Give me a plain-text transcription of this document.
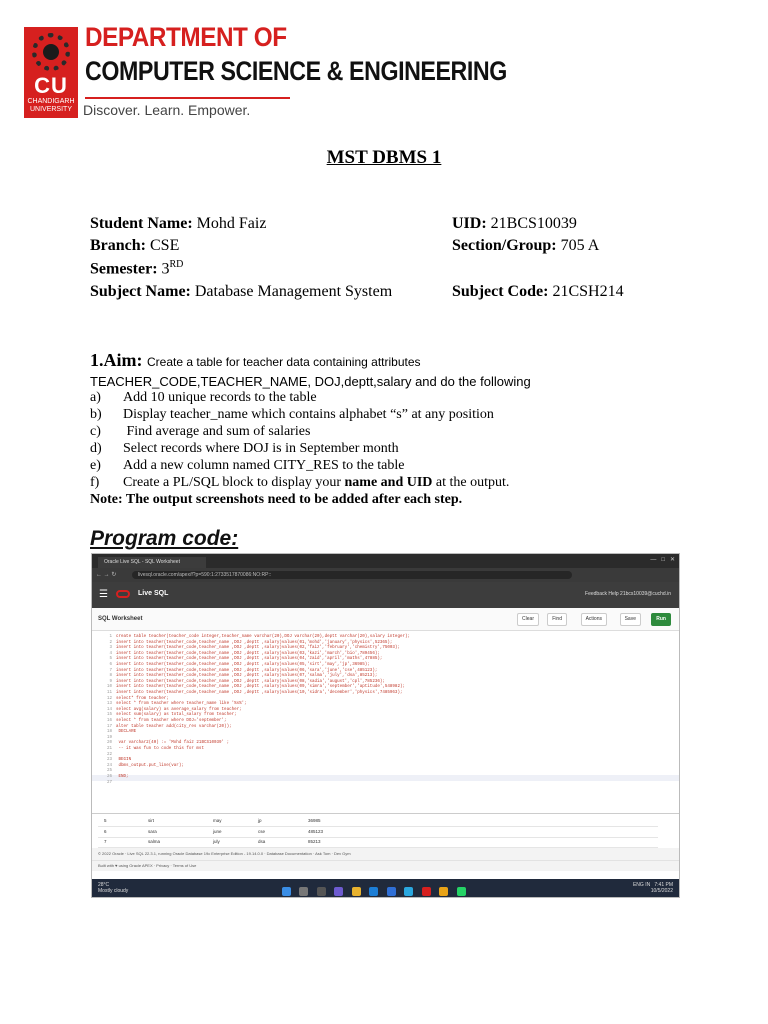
CU
CHANDIGARH UNIVERSITY
DEPARTMENT OF
COMPUTER SCIENCE & ENGINEERING
Discover. Learn. Empower.
MST DBMS 1
Student Name: Mohd Faiz	UID: 21BCS10039
Branch: CSE	Section/Group: 705 A
Semester: 3RD
Subject Name: Database Management System	Subject Code: 21CSH214
1.Aim: Create a table for teacher data containing attributes
TEACHER_CODE,TEACHER_NAME, DOJ,deptt,salary and do the following
a) Add 10 unique records to the table
b) Display teacher_name which contains alphabet “s” at any position
c) Find average and sum of salaries
d) Select records where DOJ is in September month
e) Add a new column named CITY_RES to the table
f) Create a PL/SQL block to display your name and UID at the output.
Note: The output screenshots need to be added after each step.
Program code:
Oracle Live SQL - SQL Worksheet	—   □   ✕
← → ↻	livesql.oracle.com/apex/f?p=590:1:2733517870086:NO:RP::
☰	Live SQL	Feedback Help 21bcs10039@cuchd.in
SQL Worksheet	Clear	Find	Actions	Save	Run
1 create table teacher(teacher_code integer,teacher_name varchar(20),DOJ varchar(20),deptt varchar(20),salary integer);
2 insert into teacher(teacher_code,teacher_name ,DOJ ,deptt ,salary)values(01,'mohd','january','physics',52365);
3 insert into teacher(teacher_code,teacher_name ,DOJ ,deptt ,salary)values(02,'faiz','february','chemistry',75003);
4 insert into teacher(teacher_code,teacher_name ,DOJ ,deptt ,salary)values(03,'kazi','march','bio',789456);
5 insert into teacher(teacher_code,teacher_name ,DOJ ,deptt ,salary)values(04,'zaid','april','maths',47885);
6 insert into teacher(teacher_code,teacher_name ,DOJ ,deptt ,salary)values(05,'sirt','may','jp',36985);
7 insert into teacher(teacher_code,teacher_name ,DOJ ,deptt ,salary)values(06,'sara','june','cse',485123);
8 insert into teacher(teacher_code,teacher_name ,DOJ ,deptt ,salary)values(07,'salma','july','dsa',85213);
9 insert into teacher(teacher_code,teacher_name ,DOJ ,deptt ,salary)values(08,'sadia','august','cpl',785236);
10 insert into teacher(teacher_code,teacher_name ,DOJ ,deptt ,salary)values(09,'simra','september','aptitude',548982);
11 insert into teacher(teacher_code,teacher_name ,DOJ ,deptt ,salary)values(10,'sidra','december','physics',7485963);
12 select* from teacher;
13 select * from teacher where teacher_name like '%s%';
14 select avg(salary) as average_salary from teacher;
15 select sum(salary) as total_salary from teacher;
16 select * from teacher where DOJ='september';
17 alter table teacher add(city_res varchar(20));
18 DECLARE
19
20 var varchar2(40) := 'Mohd faiz 21BCS10039' ;
21 -- it was fun to code this for mst
22
23 BEGIN
24 dbms_output.put_line(var);
25
26 END;
27
5	sirt	may	jp	36985
6	sara	june	cse	485123
7	salma	july	dsa	85213
© 2022 Oracle · Live SQL 22.3.1, running Oracle Database 19c Enterprise Edition - 19.14.0.0 · Database Documentation · Ask Tom · Dev Gym
Built with ♥ using Oracle APEX · Privacy · Terms of Use
28°C
Mostly cloudy

ENG IN 7:41 PM
10/5/2022
